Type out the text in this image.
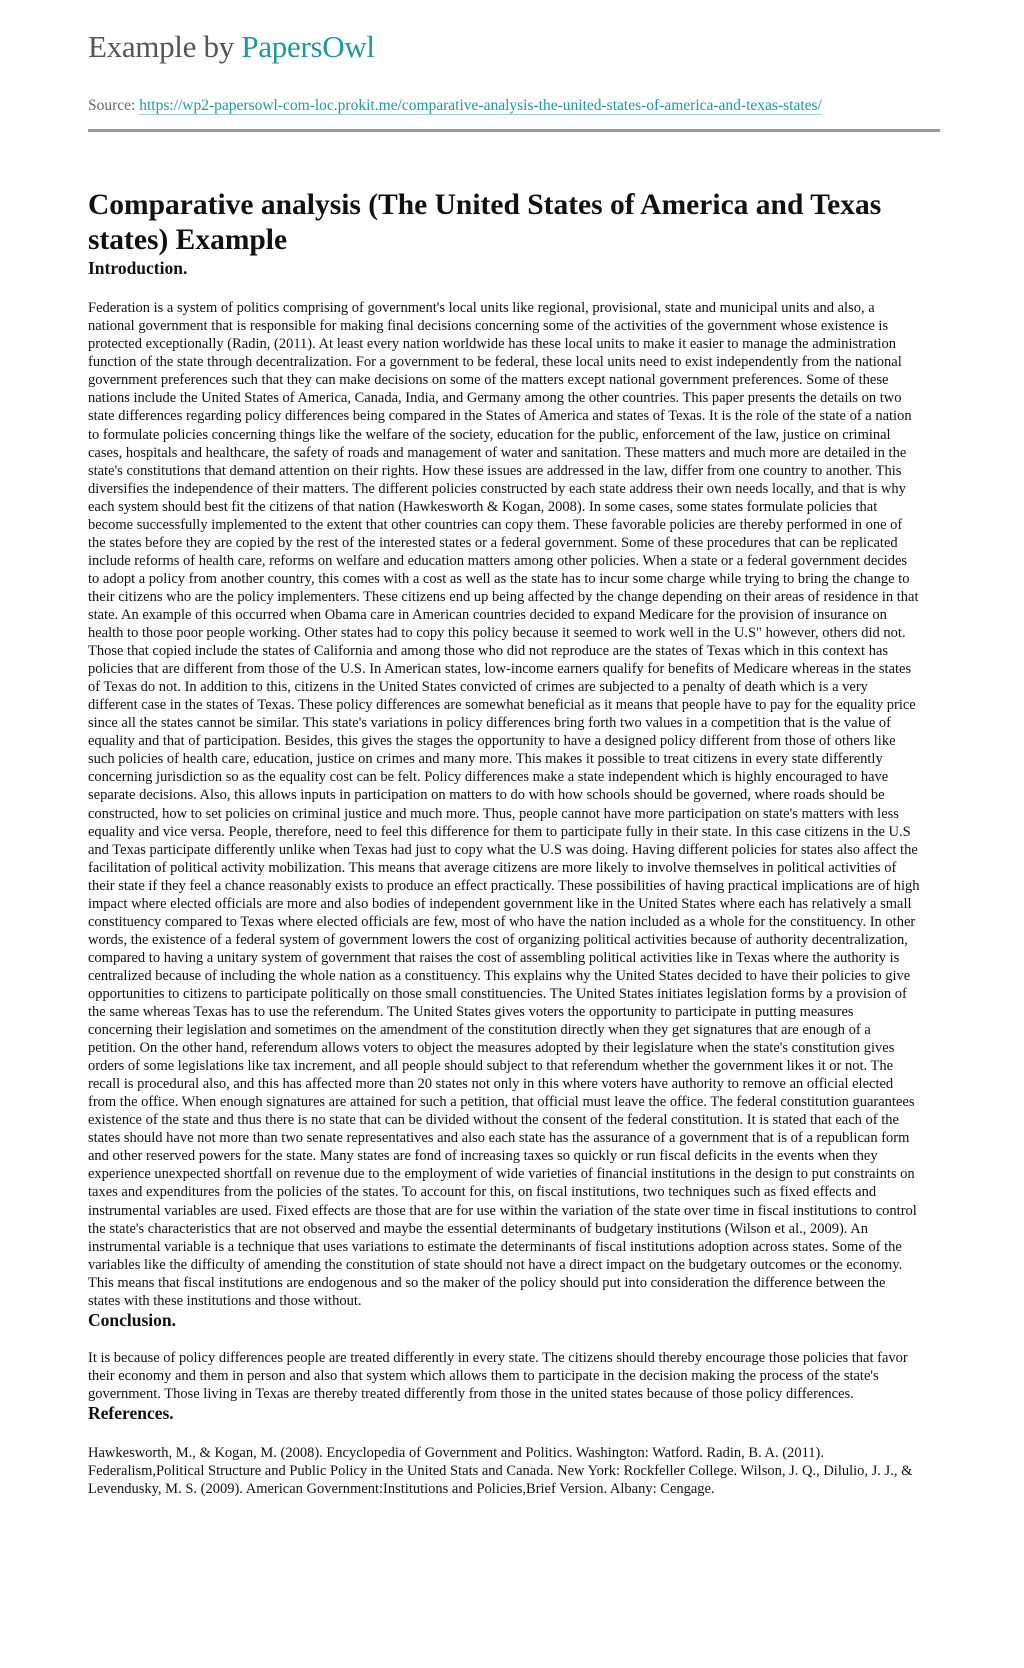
Example by PapersOwl
Source: https://wp2-papersowl-com-loc.prokit.me/comparative-analysis-the-united-states-of-america-and-texas-states/
Comparative analysis (The United States of America and Texas states) Example
Introduction.

Federation is a system of politics comprising of government's local units like regional, provisional, state and municipal units and also, a national government that is responsible for making final decisions concerning some of the activities of the government whose existence is protected exceptionally (Radin, (2011). At least every nation worldwide has these local units to make it easier to manage the administration function of the state through decentralization. For a government to be federal, these local units need to exist independently from the national government preferences such that they can make decisions on some of the matters except national government preferences. Some of these nations include the United States of America, Canada, India, and Germany among the other countries. This paper presents the details on two state differences regarding policy differences being compared in the States of America and states of Texas. It is the role of the state of a nation to formulate policies concerning things like the welfare of the society, education for the public, enforcement of the law, justice on criminal cases, hospitals and healthcare, the safety of roads and management of water and sanitation. These matters and much more are detailed in the state's constitutions that demand attention on their rights. How these issues are addressed in the law, differ from one country to another. This diversifies the independence of their matters. The different policies constructed by each state address their own needs locally, and that is why each system should best fit the citizens of that nation (Hawkesworth & Kogan, 2008). In some cases, some states formulate policies that become successfully implemented to the extent that other countries can copy them. These favorable policies are thereby performed in one of the states before they are copied by the rest of the interested states or a federal government. Some of these procedures that can be replicated include reforms of health care, reforms on welfare and education matters among other policies. When a state or a federal government decides to adopt a policy from another country, this comes with a cost as well as the state has to incur some charge while trying to bring the change to their citizens who are the policy implementers. These citizens end up being affected by the change depending on their areas of residence in that state. An example of this occurred when Obama care in American countries decided to expand Medicare for the provision of insurance on health to those poor people working. Other states had to copy this policy because it seemed to work well in the U.S" however, others did not. Those that copied include the states of California and among those who did not reproduce are the states of Texas which in this context has policies that are different from those of the U.S. In American states, low-income earners qualify for benefits of Medicare whereas in the states of Texas do not. In addition to this, citizens in the United States convicted of crimes are subjected to a penalty of death which is a very different case in the states of Texas. These policy differences are somewhat beneficial as it means that people have to pay for the equality price since all the states cannot be similar. This state's variations in policy differences bring forth two values in a competition that is the value of equality and that of participation. Besides, this gives the stages the opportunity to have a designed policy different from those of others like such policies of health care, education, justice on crimes and many more. This makes it possible to treat citizens in every state differently concerning jurisdiction so as the equality cost can be felt. Policy differences make a state independent which is highly encouraged to have separate decisions. Also, this allows inputs in participation on matters to do with how schools should be governed, where roads should be constructed, how to set policies on criminal justice and much more. Thus, people cannot have more participation on state's matters with less equality and vice versa. People, therefore, need to feel this difference for them to participate fully in their state. In this case citizens in the U.S and Texas participate differently unlike when Texas had just to copy what the U.S was doing. Having different policies for states also affect the facilitation of political activity mobilization. This means that average citizens are more likely to involve themselves in political activities of their state if they feel a chance reasonably exists to produce an effect practically. These possibilities of having practical implications are of high impact where elected officials are more and also bodies of independent government like in the United States where each has relatively a small constituency compared to Texas where elected officials are few, most of who have the nation included as a whole for the constituency. In other words, the existence of a federal system of government lowers the cost of organizing political activities because of authority decentralization, compared to having a unitary system of government that raises the cost of assembling political activities like in Texas where the authority is centralized because of including the whole nation as a constituency. This explains why the United States decided to have their policies to give opportunities to citizens to participate politically on those small constituencies. The United States initiates legislation forms by a provision of the same whereas Texas has to use the referendum. The United States gives voters the opportunity to participate in putting measures concerning their legislation and sometimes on the amendment of the constitution directly when they get signatures that are enough of a petition. On the other hand, referendum allows voters to object the measures adopted by their legislature when the state's constitution gives orders of some legislations like tax increment, and all people should subject to that referendum whether the government likes it or not. The recall is procedural also, and this has affected more than 20 states not only in this where voters have authority to remove an official elected from the office. When enough signatures are attained for such a petition, that official must leave the office. The federal constitution guarantees existence of the state and thus there is no state that can be divided without the consent of the federal constitution. It is stated that each of the states should have not more than two senate representatives and also each state has the assurance of a government that is of a republican form and other reserved powers for the state. Many states are fond of increasing taxes so quickly or run fiscal deficits in the events when they experience unexpected shortfall on revenue due to the employment of wide varieties of financial institutions in the design to put constraints on taxes and expenditures from the policies of the states. To account for this, on fiscal institutions, two techniques such as fixed effects and instrumental variables are used. Fixed effects are those that are for use within the variation of the state over time in fiscal institutions to control the state's characteristics that are not observed and maybe the essential determinants of budgetary institutions (Wilson et al., 2009). An instrumental variable is a technique that uses variations to estimate the determinants of fiscal institutions adoption across states. Some of the variables like the difficulty of amending the constitution of state should not have a direct impact on the budgetary outcomes or the economy. This means that fiscal institutions are endogenous and so the maker of the policy should put into consideration the difference between the states with these institutions and those without.

Conclusion.

It is because of policy differences people are treated differently in every state. The citizens should thereby encourage those policies that favor their economy and them in person and also that system which allows them to participate in the decision making the process of the state's government. Those living in Texas are thereby treated differently from those in the united states because of those policy differences.

References.

Hawkesworth, M., & Kogan, M. (2008). Encyclopedia of Government and Politics. Washington: Watford. Radin, B. A. (2011). Federalism,Political Structure and Public Policy in the United Stats and Canada. New York: Rockfeller College. Wilson, J. Q., Dilulio, J. J., & Levendusky, M. S. (2009). American Government:Institutions and Policies,Brief Version. Albany: Cengage.
